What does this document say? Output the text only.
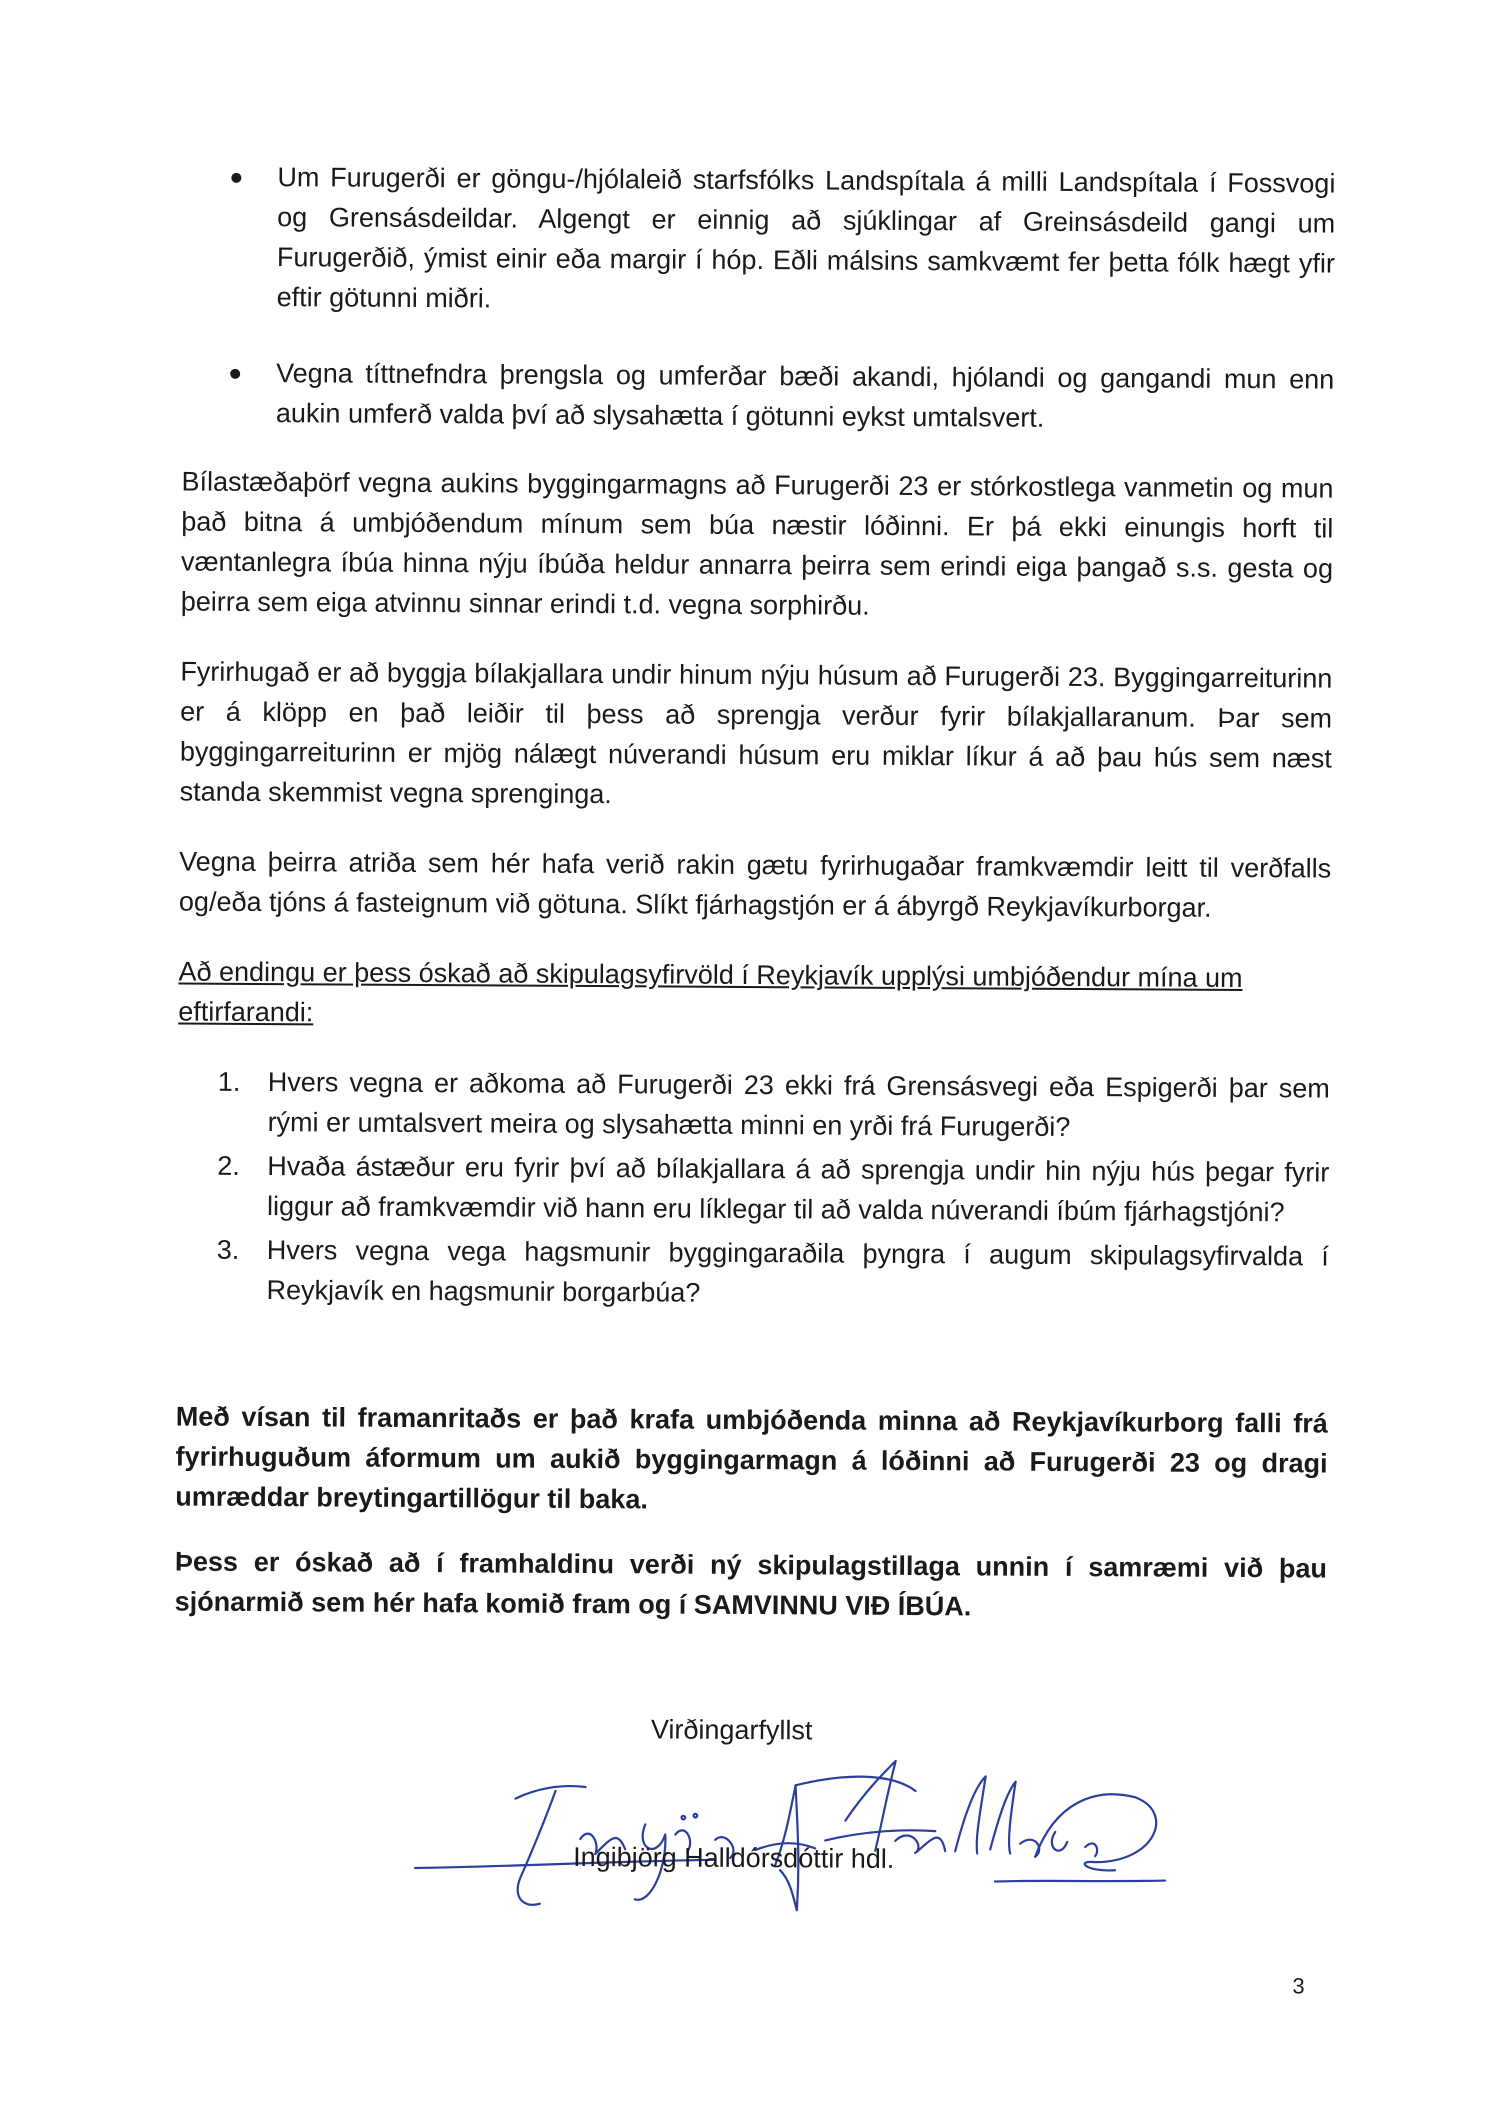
Um Furugerði er göngu-/hjólaleið starfsfólks Landspítala á milli Landspítala í Fossvogi og Grensásdeildar. Algengt er einnig að sjúklingar af Greinsásdeild gangi um Furugerðið, ýmist einir eða margir í hóp. Eðli málsins samkvæmt fer þetta fólk hægt yfir eftir götunni miðri.
Vegna títtnefndra þrengsla og umferðar bæði akandi, hjólandi og gangandi mun enn aukin umferð valda því að slysahætta í götunni eykst umtalsvert.

Bílastæðaþörf vegna aukins byggingarmagns að Furugerði 23 er stórkostlega vanmetin og mun það bitna á umbjóðendum mínum sem búa næstir lóðinni. Er þá ekki einungis horft til væntanlegra íbúa hinna nýju íbúða heldur annarra þeirra sem erindi eiga þangað s.s. gesta og þeirra sem eiga atvinnu sinnar erindi t.d. vegna sorphirðu.

Fyrirhugað er að byggja bílakjallara undir hinum nýju húsum að Furugerði 23. Byggingarreiturinn er á klöpp en það leiðir til þess að sprengja verður fyrir bílakjallaranum. Þar sem byggingarreiturinn er mjög nálægt núverandi húsum eru miklar líkur á að þau hús sem næst standa skemmist vegna sprenginga.

Vegna þeirra atriða sem hér hafa verið rakin gætu fyrirhugaðar framkvæmdir leitt til verðfalls og/eða tjóns á fasteignum við götuna. Slíkt fjárhagstjón er á ábyrgð Reykjavíkurborgar.

Að endingu er þess óskað að skipulagsyfirvöld í Reykjavík upplýsi umbjóðendur mína um eftirfarandi:

1. Hvers vegna er aðkoma að Furugerði 23 ekki frá Grensásvegi eða Espigerði þar sem rými er umtalsvert meira og slysahætta minni en yrði frá Furugerði?
2. Hvaða ástæður eru fyrir því að bílakjallara á að sprengja undir hin nýju hús þegar fyrir liggur að framkvæmdir við hann eru líklegar til að valda núverandi íbúm fjárhagstjóni?
3. Hvers vegna vega hagsmunir byggingaraðila þyngra í augum skipulagsyfirvalda í Reykjavík en hagsmunir borgarbúa?

Með vísan til framanritaðs er það krafa umbjóðenda minna að Reykjavíkurborg falli frá fyrirhuguðum áformum um aukið byggingarmagn á lóðinni að Furugerði 23 og dragi umræddar breytingartillögur til baka.

Þess er óskað að í framhaldinu verði ný skipulagstillaga unnin í samræmi við þau sjónarmið sem hér hafa komið fram og í SAMVINNU VIÐ ÍBÚA.

Virðingarfyllst

Ingibjörg Halldórsdóttir hdl.

3
